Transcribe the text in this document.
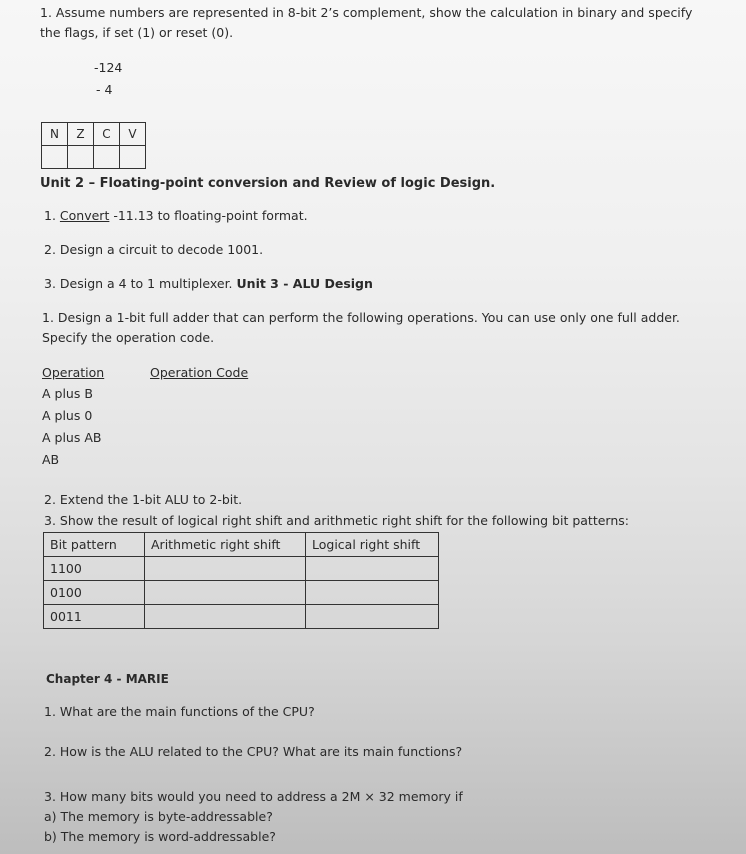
1. Assume numbers are represented in 8-bit 2’s complement, show the calculation in binary and specify
the flags, if set (1) or reset (0).
-124
- 4
N	Z	C	V

Unit 2 – Floating-point conversion and Review of logic Design.
1. Convert -11.13 to floating-point format.
2. Design a circuit to decode 1001.
3. Design a 4 to 1 multiplexer. Unit 3 - ALU Design
1. Design a 1-bit full adder that can perform the following operations. You can use only one full adder.
Specify the operation code.
Operation	Operation Code
A plus B
A plus 0
A plus AB
AB
2. Extend the 1-bit ALU to 2-bit.
3. Show the result of logical right shift and arithmetic right shift for the following bit patterns:
Bit pattern	Arithmetic right shift	Logical right shift
1100		
0100		
0011		
Chapter 4 - MARIE
1. What are the main functions of the CPU?
2. How is the ALU related to the CPU? What are its main functions?
3. How many bits would you need to address a 2M × 32 memory if
a) The memory is byte-addressable?
b) The memory is word-addressable?
